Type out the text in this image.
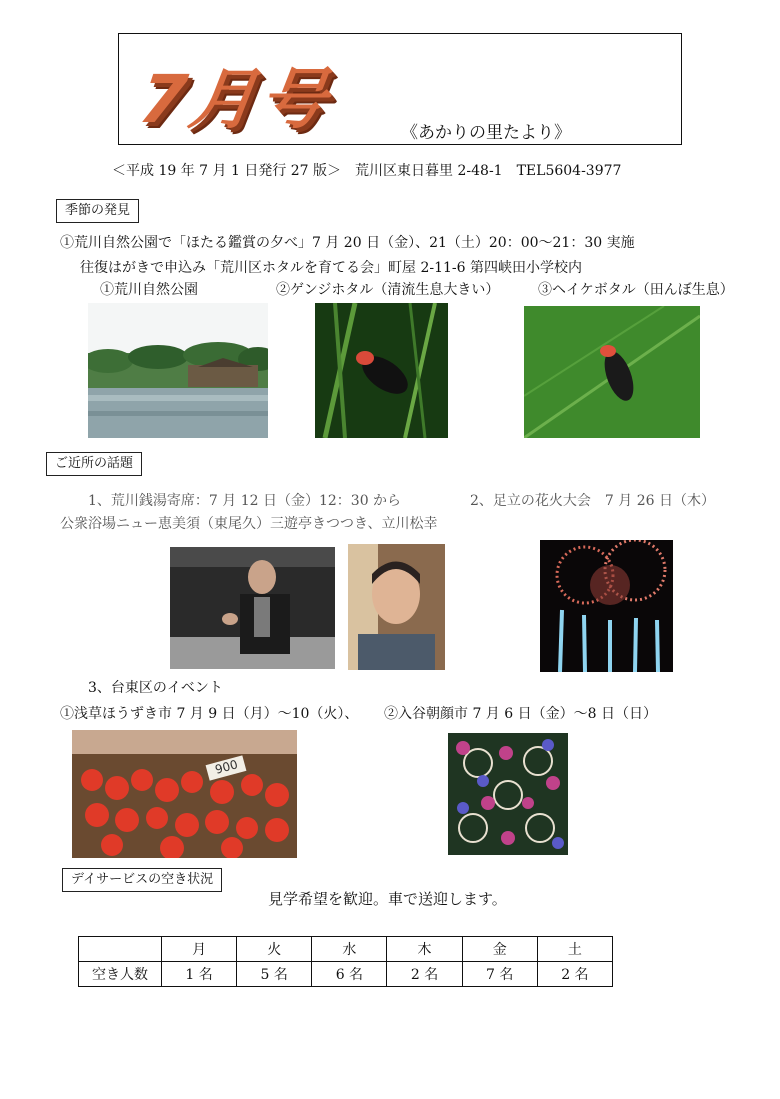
7月号	《あかりの里たより》
＜平成 19 年 7 月 1 日発行 27 版＞　荒川区東日暮里 2-48-1　TEL5604-3977
季節の発見
①荒川自然公園で「ほたる鑑賞の夕べ」7 月 20 日（金）、21（土）20：00～21：30 実施
往復はがきで申込み「荒川区ホタルを育てる会」町屋 2-11-6 第四峡田小学校内
①荒川自然公園	②ゲンジホタル（清流生息大きい）	③ヘイケボタル（田んぼ生息）
ご近所の話題
1、荒川銭湯寄席：7 月 12 日（金）12：30 から
公衆浴場ニュー恵美須（東尾久）三遊亭きつつき、立川松幸
2、足立の花火大会　7 月 26 日（木）
3、台東区のイベント
①浅草ほうずき市 7 月 9 日（月）～10（火）、 ②入谷朝顔市 7 月 6 日（金）～8 日（日）
900
デイサービスの空き状況
見学希望を歓迎。車で送迎します。
	月	火	水	木	金	土
空き人数	1 名	5 名	6 名	2 名	7 名	2 名
